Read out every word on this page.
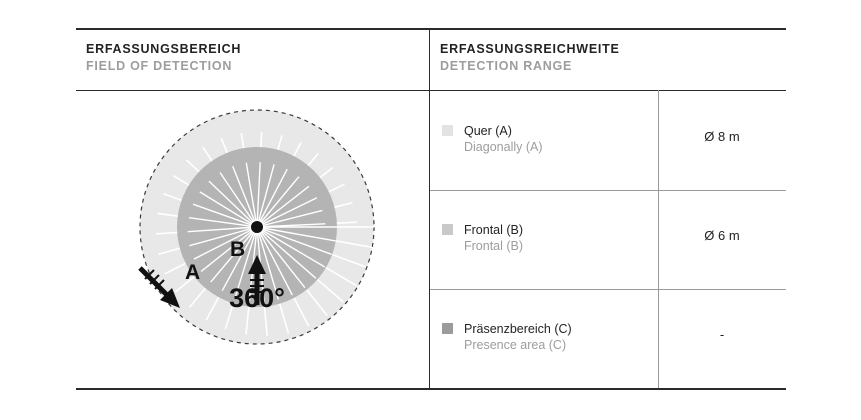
ERFASSUNGSBEREICH
FIELD OF DETECTION
ERFASSUNGSREICHWEITE
DETECTION RANGE
A
B
360°
Quer (A)
Diagonally (A)
Ø 8 m
Frontal (B)
Frontal (B)
Ø 6 m
Präsenzbereich (C)
Presence area (C)
-
